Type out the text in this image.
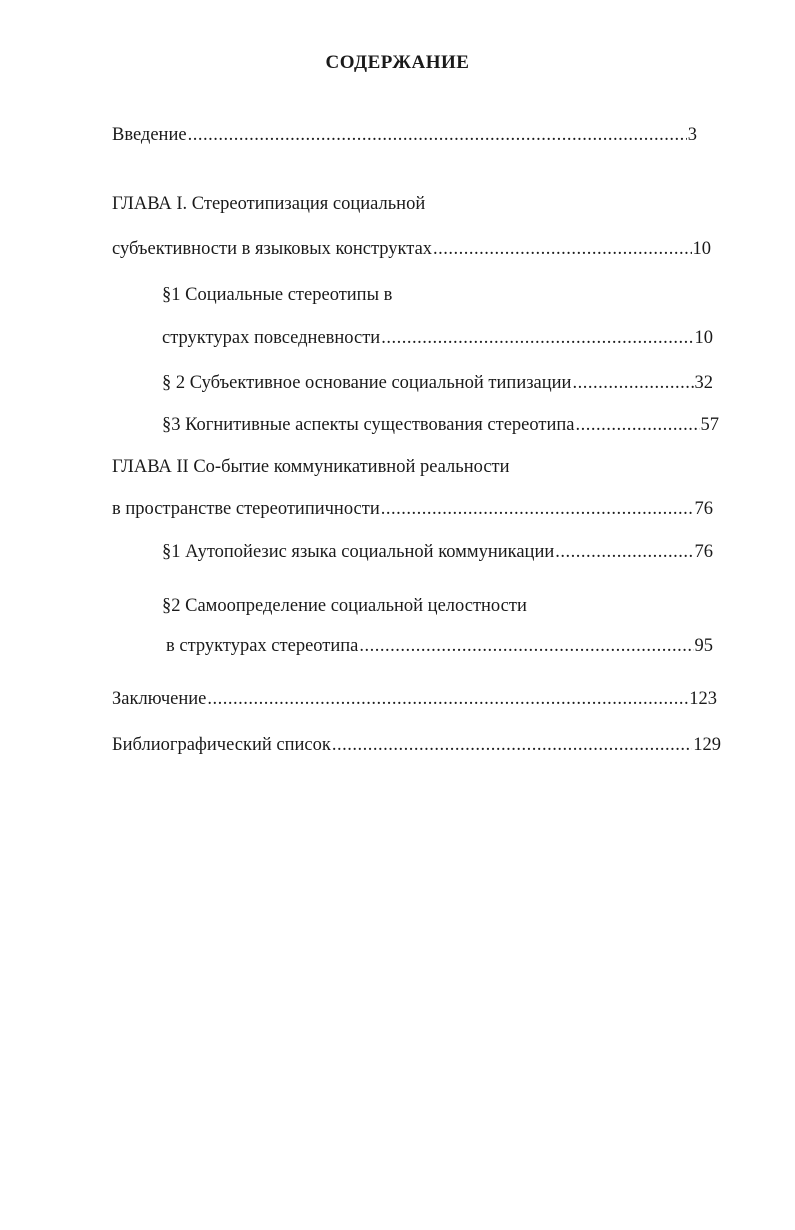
СОДЕРЖАНИЕ
Введение .....	3
ГЛАВА I. Стереотипизация социальной
субъективности в языковых конструктах .....	10
§1 Социальные стереотипы в
структурах повседневности .....	10
§ 2 Субъективное основание социальной типизации .....	32
§3 Когнитивные аспекты существования стереотипа .....	57
ГЛАВА II Со-бытие коммуникативной реальности
в пространстве стереотипичности .....	76
§1 Аутопойезис языка социальной коммуникации .....	76
§2 Самоопределение социальной целостности
в структурах стереотипа .....	95
Заключение .....	123
Библиографический список .....	129
